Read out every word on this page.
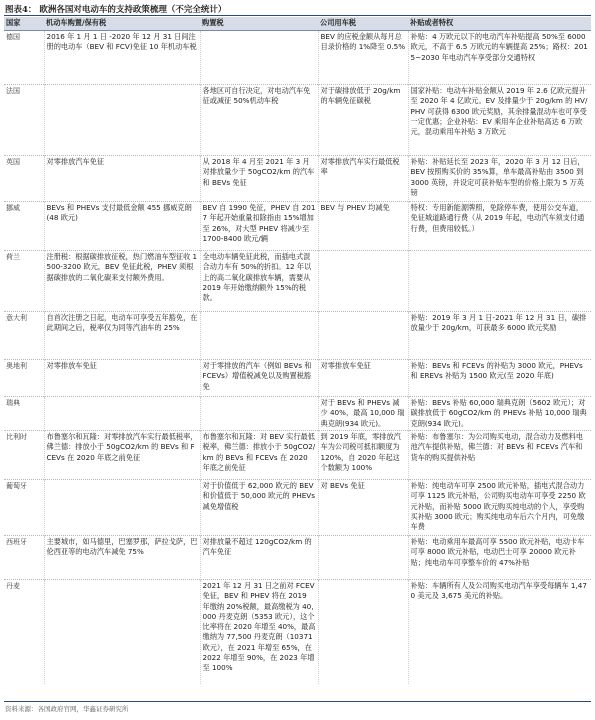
图表4： 欧洲各国对电动车的支持政策梳理（不完全统计）
国家	机动车购置/保有税	购置税	公司用车税	补贴或者特权
德国	2016 年 1 月 1 日 -2020 年 12 月 31 日间注册的电动车（BEV 和 FCV)免征 10 年机动车税		BEV 的应税金额从每月总目录价格的 1%降至 0.5%	补贴：4 万欧元以下的电动汽车补贴提高 50%至 6000 欧元，不高于 6.5 万欧元的车辆提高 25%；路权：2015~2030 年电动汽车享受部分交通特权
法国		各地区可自行决定，对电动汽车免征或减征 50%机动车税	对于碳排放低于 20g/km 的车辆免征碳税	国家补贴：电动车补贴金额从 2019 年 2.6 亿欧元提升至 2020 年 4 亿欧元。EV 及排量少于 20g/km 的 HV/PHV 可获得 6300 欧元奖励，其余排量混动车也可享受一定优惠；企业补贴：EV 乘用车企业补贴高达 6 万欧元，混动乘用车补贴 3 万欧元
英国	对零排放汽车免征	从 2018 年 4 月至 2021 年 3 月对排放量少于 50gCO2/km 的汽车和 BEVs 免征	对零排放汽车实行最低税率	补贴：补贴延长至 2023 年，2020 年 3 月 12 日后，BEV 按照购买价的 35%算，单车最高补贴由 3500 到 3000 英镑，并设定可获补贴车型的价格上限为 5 万英镑
挪威	BEVs 和 PHEVs 支付最低金额 455 挪威克朗(48 欧元)	BEV 自 1990 免征，PHEV 自 2017 年起开始重量扣除指由 15%增加至 26%，对大型 PHEV 将减少至 1700-8400 欧元/辆	BEV 与 PHEV 均减免	特权：专用新能源牌照，免除停车费，使用公交车道，免征城道路通行费（从 2019 年起，电动汽车须支付通行费，但费用较低。）
荷兰	注册税：根据碳排放征税，热门燃油车型征收 1500-3200 欧元，BEV 免征此税，PHEV 须根据碳排放的二氧化碳来支付额外费用。	全电动车辆免征此税，而插电式混合动力车有 50%的折扣。12 年以上的高二氧化碳排放车辆，需要从 2019 年开始缴纳额外 15%的税款。		
意大利	自首次注册之日起，电动车可享受五年豁免，在此期间之后，税率仅为同等汽油车的 25%			补贴：2019 年 3 月 1 日-2021 年 12 月 31 日，碳排放量少于 20g/km，可获最多 6000 欧元奖励
奥地利	对零排放车免征	对于零排放的汽车（例如 BEVs 和 FCEVs）增值税减免以及购置税豁免	对零排放车免征	补贴：BEVs 和 FCEVs 的补贴为 3000 欧元，PHEVs 和 EREVs 补贴为 1500 欧元(至 2020 年底)
瑞典			对于 BEVs 和 PHEVs 减少 40%，最高 10,000 瑞典克朗(934 欧元)。	补贴：BEVs 补贴 60,000 瑞典克朗（5602 欧元）；对碳排放低于 60gCO2/km 的 PHEVs 补贴 10,000 瑞典克朗(934 欧元)。
比利时	布鲁塞尔和瓦隆：对零排放汽车实行最低税率，佛兰德：排放小于 50gCO2/km 的 BEVs 和 FCEVs 在 2020 年底之前免征	布鲁塞尔和瓦隆：对 BEV 实行最低税率，佛兰德：排放小于 50gCO2/km 的 BEVs 和 FCEVs 在 2020 年底之前免征	到 2019 年底，零排放汽车为公司税可抵扣额度为 120%，自 2020 年起这个数额为 100%	补贴：布鲁塞尔：为公司购买电动，混合动力及燃料电池汽车提供补贴，佛兰德：对 BEVs 和 FCEVs 汽车和货车的购买提供补贴
葡萄牙		对于价值低于 62,000 欧元的 BEV 和价值低于 50,000 欧元的 PHEVs 减免增值税	对 BEVs 免征	补贴：纯电动车可享 2500 欧元补贴，插电式混合动力可享 1125 欧元补贴，公司购买电动车可享受 2250 欧元补贴，而补贴 5000 欧元购买纯电动的个人，享受购买补贴 3000 欧元；购买纯电动车后六个月内，可免缴车费
西班牙	主要城市，如马德里，巴塞罗那，萨拉戈萨，巴伦西亚等的电动汽车减免 75%	对排放量不超过 120gCO2/km 的汽车免征		补贴：电动乘用车最高可享 5500 欧元补贴，电动卡车可享 8000 欧元补贴，电动巴士可享 20000 欧元补贴；纯电动车可享整车价的 47%补贴
丹麦		2021 年 12 月 31 日之前对 FCEV 免征，BEV 和 PHEV 将在 2019 年缴纳 20%税额，最高缴税为 40,000 丹麦克朗（5353 欧元），这个比率将在 2020 年增至 40%，最高缴纳为 77,500 丹麦克朗（10371 欧元），在 2021 年增至 65%，在 2022 年增至 90%，在 2023 年增至 100%		补贴：车辆所有人及公司购买电动汽车享受每辆车 1,470 美元及 3,675 美元的补贴。
资料来源：各国政府官网，华鑫证券研究所
